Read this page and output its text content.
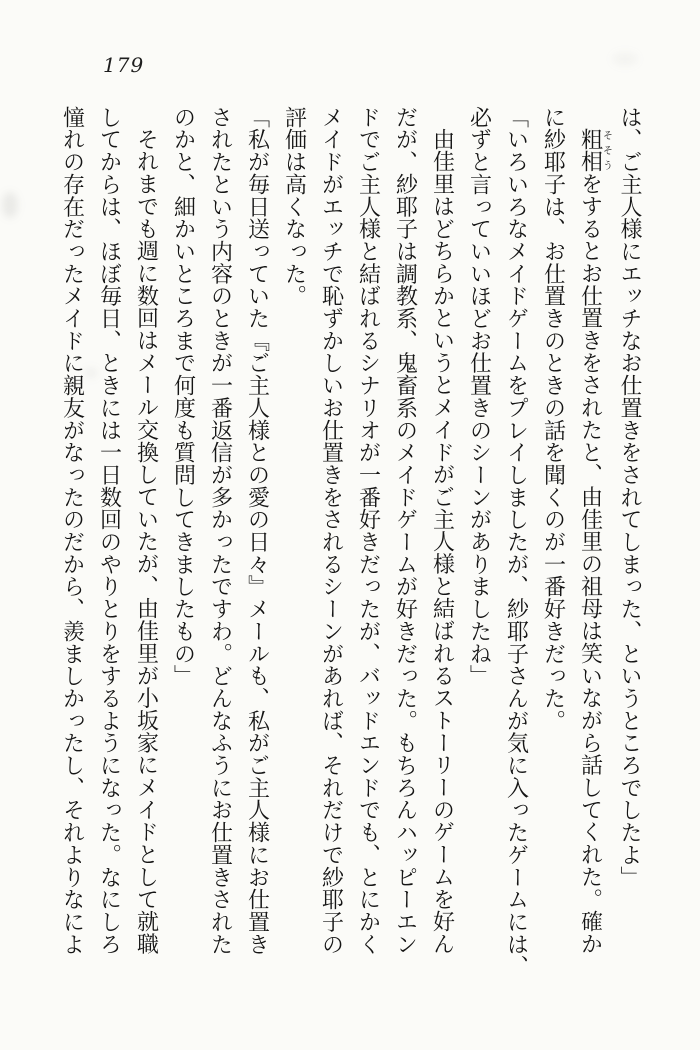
179

は、ご主人様にエッチなお仕置きをされてしまった、というところでしたよ」

粗相そそうをするとお仕置きをされたと、由佳里の祖母は笑いながら話してくれた。確か

に紗耶子は、お仕置きのときの話を聞くのが一番好きだった。

「いろいろなメイドゲームをプレイしましたが、紗耶子さんが気に入ったゲームには、

必ずと言っていいほどお仕置きのシーンがありましたね」

由佳里はどちらかというとメイドがご主人様と結ばれるストーリーのゲームを好ん

だが、紗耶子は調教系、鬼畜系のメイドゲームが好きだった。もちろんハッピーエン

ドでご主人様と結ばれるシナリオが一番好きだったが、バッドエンドでも、とにかく

メイドがエッチで恥ずかしいお仕置きをされるシーンがあれば、それだけで紗耶子の

評価は高くなった。

「私が毎日送っていた『ご主人様との愛の日々』メールも、私がご主人様にお仕置き

されたという内容のときが一番返信が多かったですわ。どんなふうにお仕置きされた

のかと、細かいところまで何度も質問してきましたもの」

それまでも週に数回はメール交換していたが、由佳里が小坂家にメイドとして就職

してからは、ほぼ毎日、ときには一日数回のやりとりをするようになった。なにしろ

憧れの存在だったメイドに親友がなったのだから、羨ましかったし、それよりなによ
